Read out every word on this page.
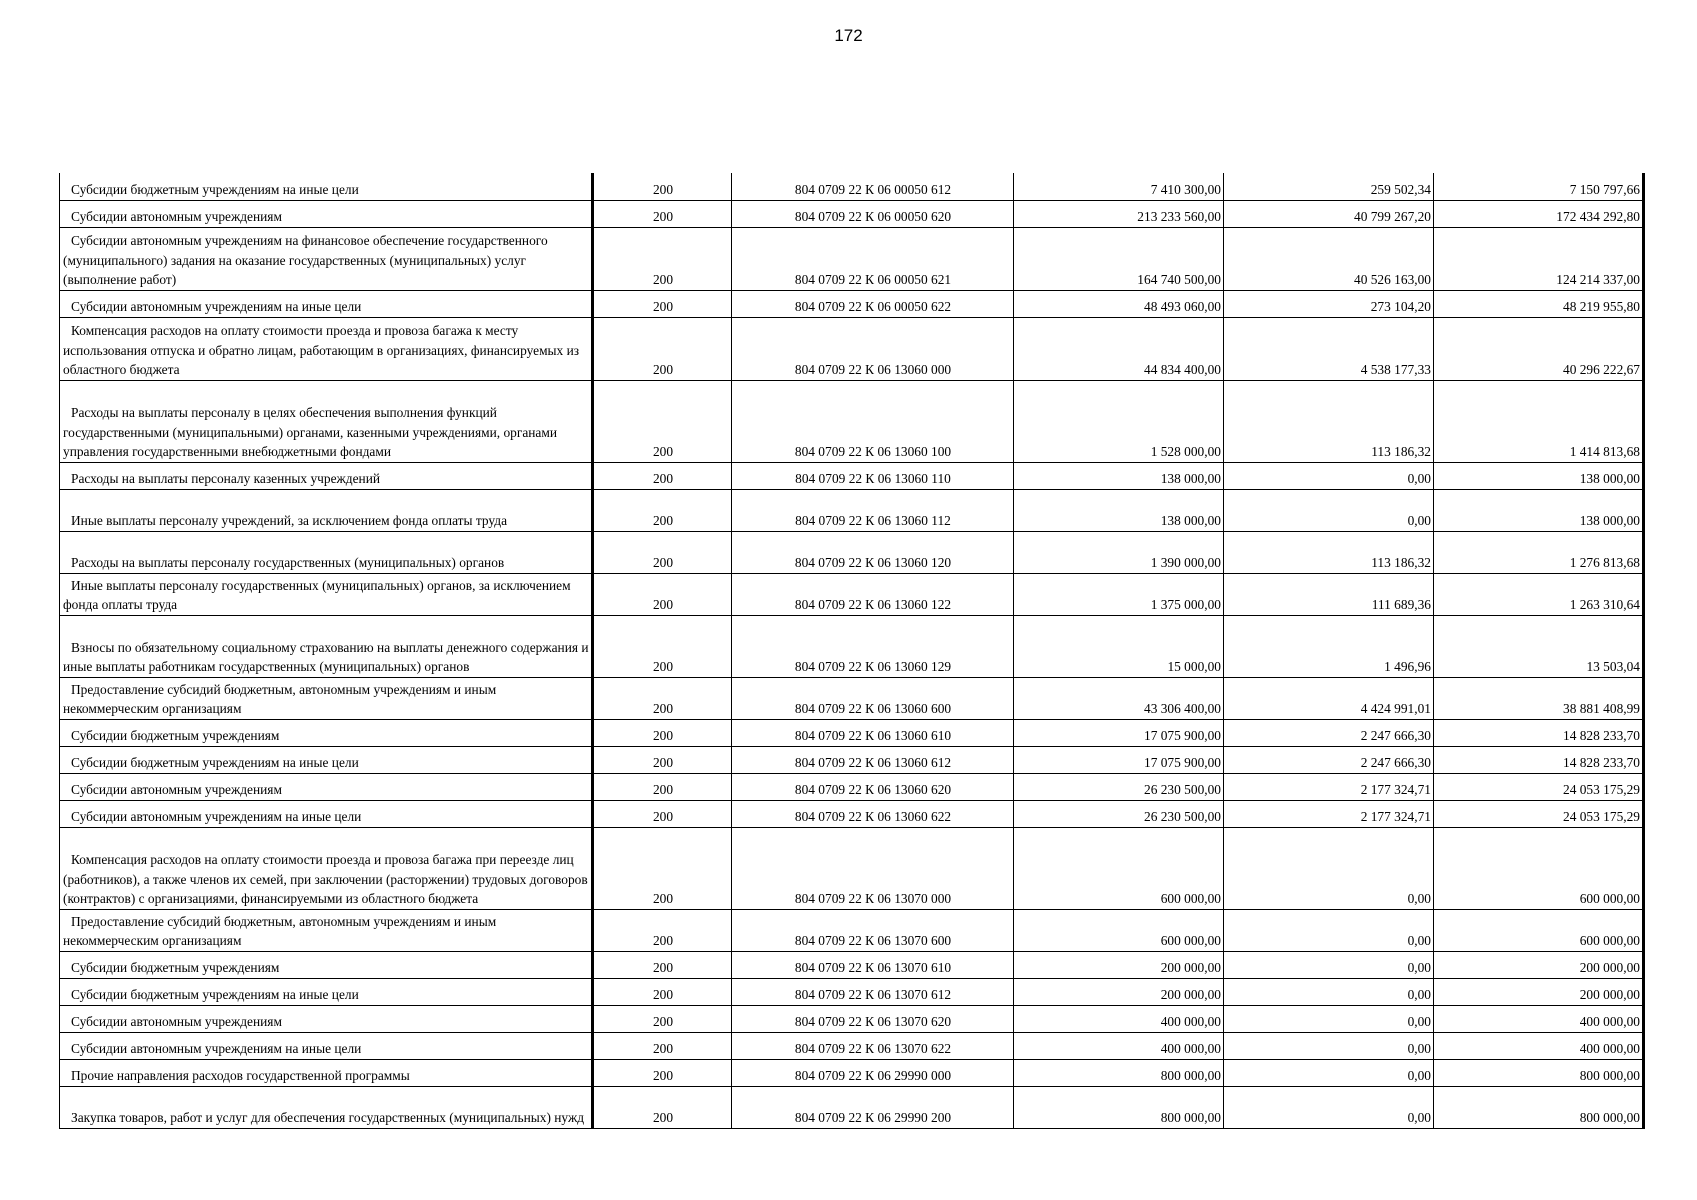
172
Субсидии бюджетным учреждениям на иные цели	200	804 0709 22 К 06 00050 612	7 410 300,00	259 502,34	7 150 797,66

Субсидии автономным учреждениям	200	804 0709 22 К 06 00050 620	213 233 560,00	40 799 267,20	172 434 292,80

Субсидии автономным учреждениям на финансовое обеспечение государственного (муниципального) задания на оказание государственных (муниципальных) услуг (выполнение работ)	200	804 0709 22 К 06 00050 621	164 740 500,00	40 526 163,00	124 214 337,00

Субсидии автономным учреждениям на иные цели	200	804 0709 22 К 06 00050 622	48 493 060,00	273 104,20	48 219 955,80

Компенсация расходов на оплату стоимости проезда и провоза багажа к месту использования отпуска и обратно лицам, работающим в организациях, финансируемых из областного бюджета	200	804 0709 22 К 06 13060 000	44 834 400,00	4 538 177,33	40 296 222,67

Расходы на выплаты персоналу в целях обеспечения выполнения функций государственными (муниципальными) органами, казенными учреждениями, органами управления государственными внебюджетными фондами	200	804 0709 22 К 06 13060 100	1 528 000,00	113 186,32	1 414 813,68

Расходы на выплаты персоналу казенных учреждений	200	804 0709 22 К 06 13060 110	138 000,00	0,00	138 000,00

Иные выплаты персоналу учреждений, за исключением фонда оплаты труда	200	804 0709 22 К 06 13060 112	138 000,00	0,00	138 000,00

Расходы на выплаты персоналу государственных (муниципальных) органов	200	804 0709 22 К 06 13060 120	1 390 000,00	113 186,32	1 276 813,68

Иные выплаты персоналу государственных (муниципальных) органов, за исключением фонда оплаты труда	200	804 0709 22 К 06 13060 122	1 375 000,00	111 689,36	1 263 310,64

Взносы по обязательному социальному страхованию на выплаты денежного содержания и иные выплаты работникам государственных (муниципальных) органов	200	804 0709 22 К 06 13060 129	15 000,00	1 496,96	13 503,04

Предоставление субсидий бюджетным, автономным учреждениям и иным некоммерческим организациям	200	804 0709 22 К 06 13060 600	43 306 400,00	4 424 991,01	38 881 408,99

Субсидии бюджетным учреждениям	200	804 0709 22 К 06 13060 610	17 075 900,00	2 247 666,30	14 828 233,70

Субсидии бюджетным учреждениям на иные цели	200	804 0709 22 К 06 13060 612	17 075 900,00	2 247 666,30	14 828 233,70

Субсидии автономным учреждениям	200	804 0709 22 К 06 13060 620	26 230 500,00	2 177 324,71	24 053 175,29

Субсидии автономным учреждениям на иные цели	200	804 0709 22 К 06 13060 622	26 230 500,00	2 177 324,71	24 053 175,29

Компенсация расходов на оплату стоимости проезда и провоза багажа при переезде лиц (работников), а также членов их семей, при заключении (расторжении) трудовых договоров (контрактов) с организациями, финансируемыми из областного бюджета	200	804 0709 22 К 06 13070 000	600 000,00	0,00	600 000,00

Предоставление субсидий бюджетным, автономным учреждениям и иным некоммерческим организациям	200	804 0709 22 К 06 13070 600	600 000,00	0,00	600 000,00

Субсидии бюджетным учреждениям	200	804 0709 22 К 06 13070 610	200 000,00	0,00	200 000,00

Субсидии бюджетным учреждениям на иные цели	200	804 0709 22 К 06 13070 612	200 000,00	0,00	200 000,00

Субсидии автономным учреждениям	200	804 0709 22 К 06 13070 620	400 000,00	0,00	400 000,00

Субсидии автономным учреждениям на иные цели	200	804 0709 22 К 06 13070 622	400 000,00	0,00	400 000,00

Прочие направления расходов государственной программы	200	804 0709 22 К 06 29990 000	800 000,00	0,00	800 000,00

Закупка товаров, работ и услуг для обеспечения государственных (муниципальных) нужд	200	804 0709 22 К 06 29990 200	800 000,00	0,00	800 000,00
